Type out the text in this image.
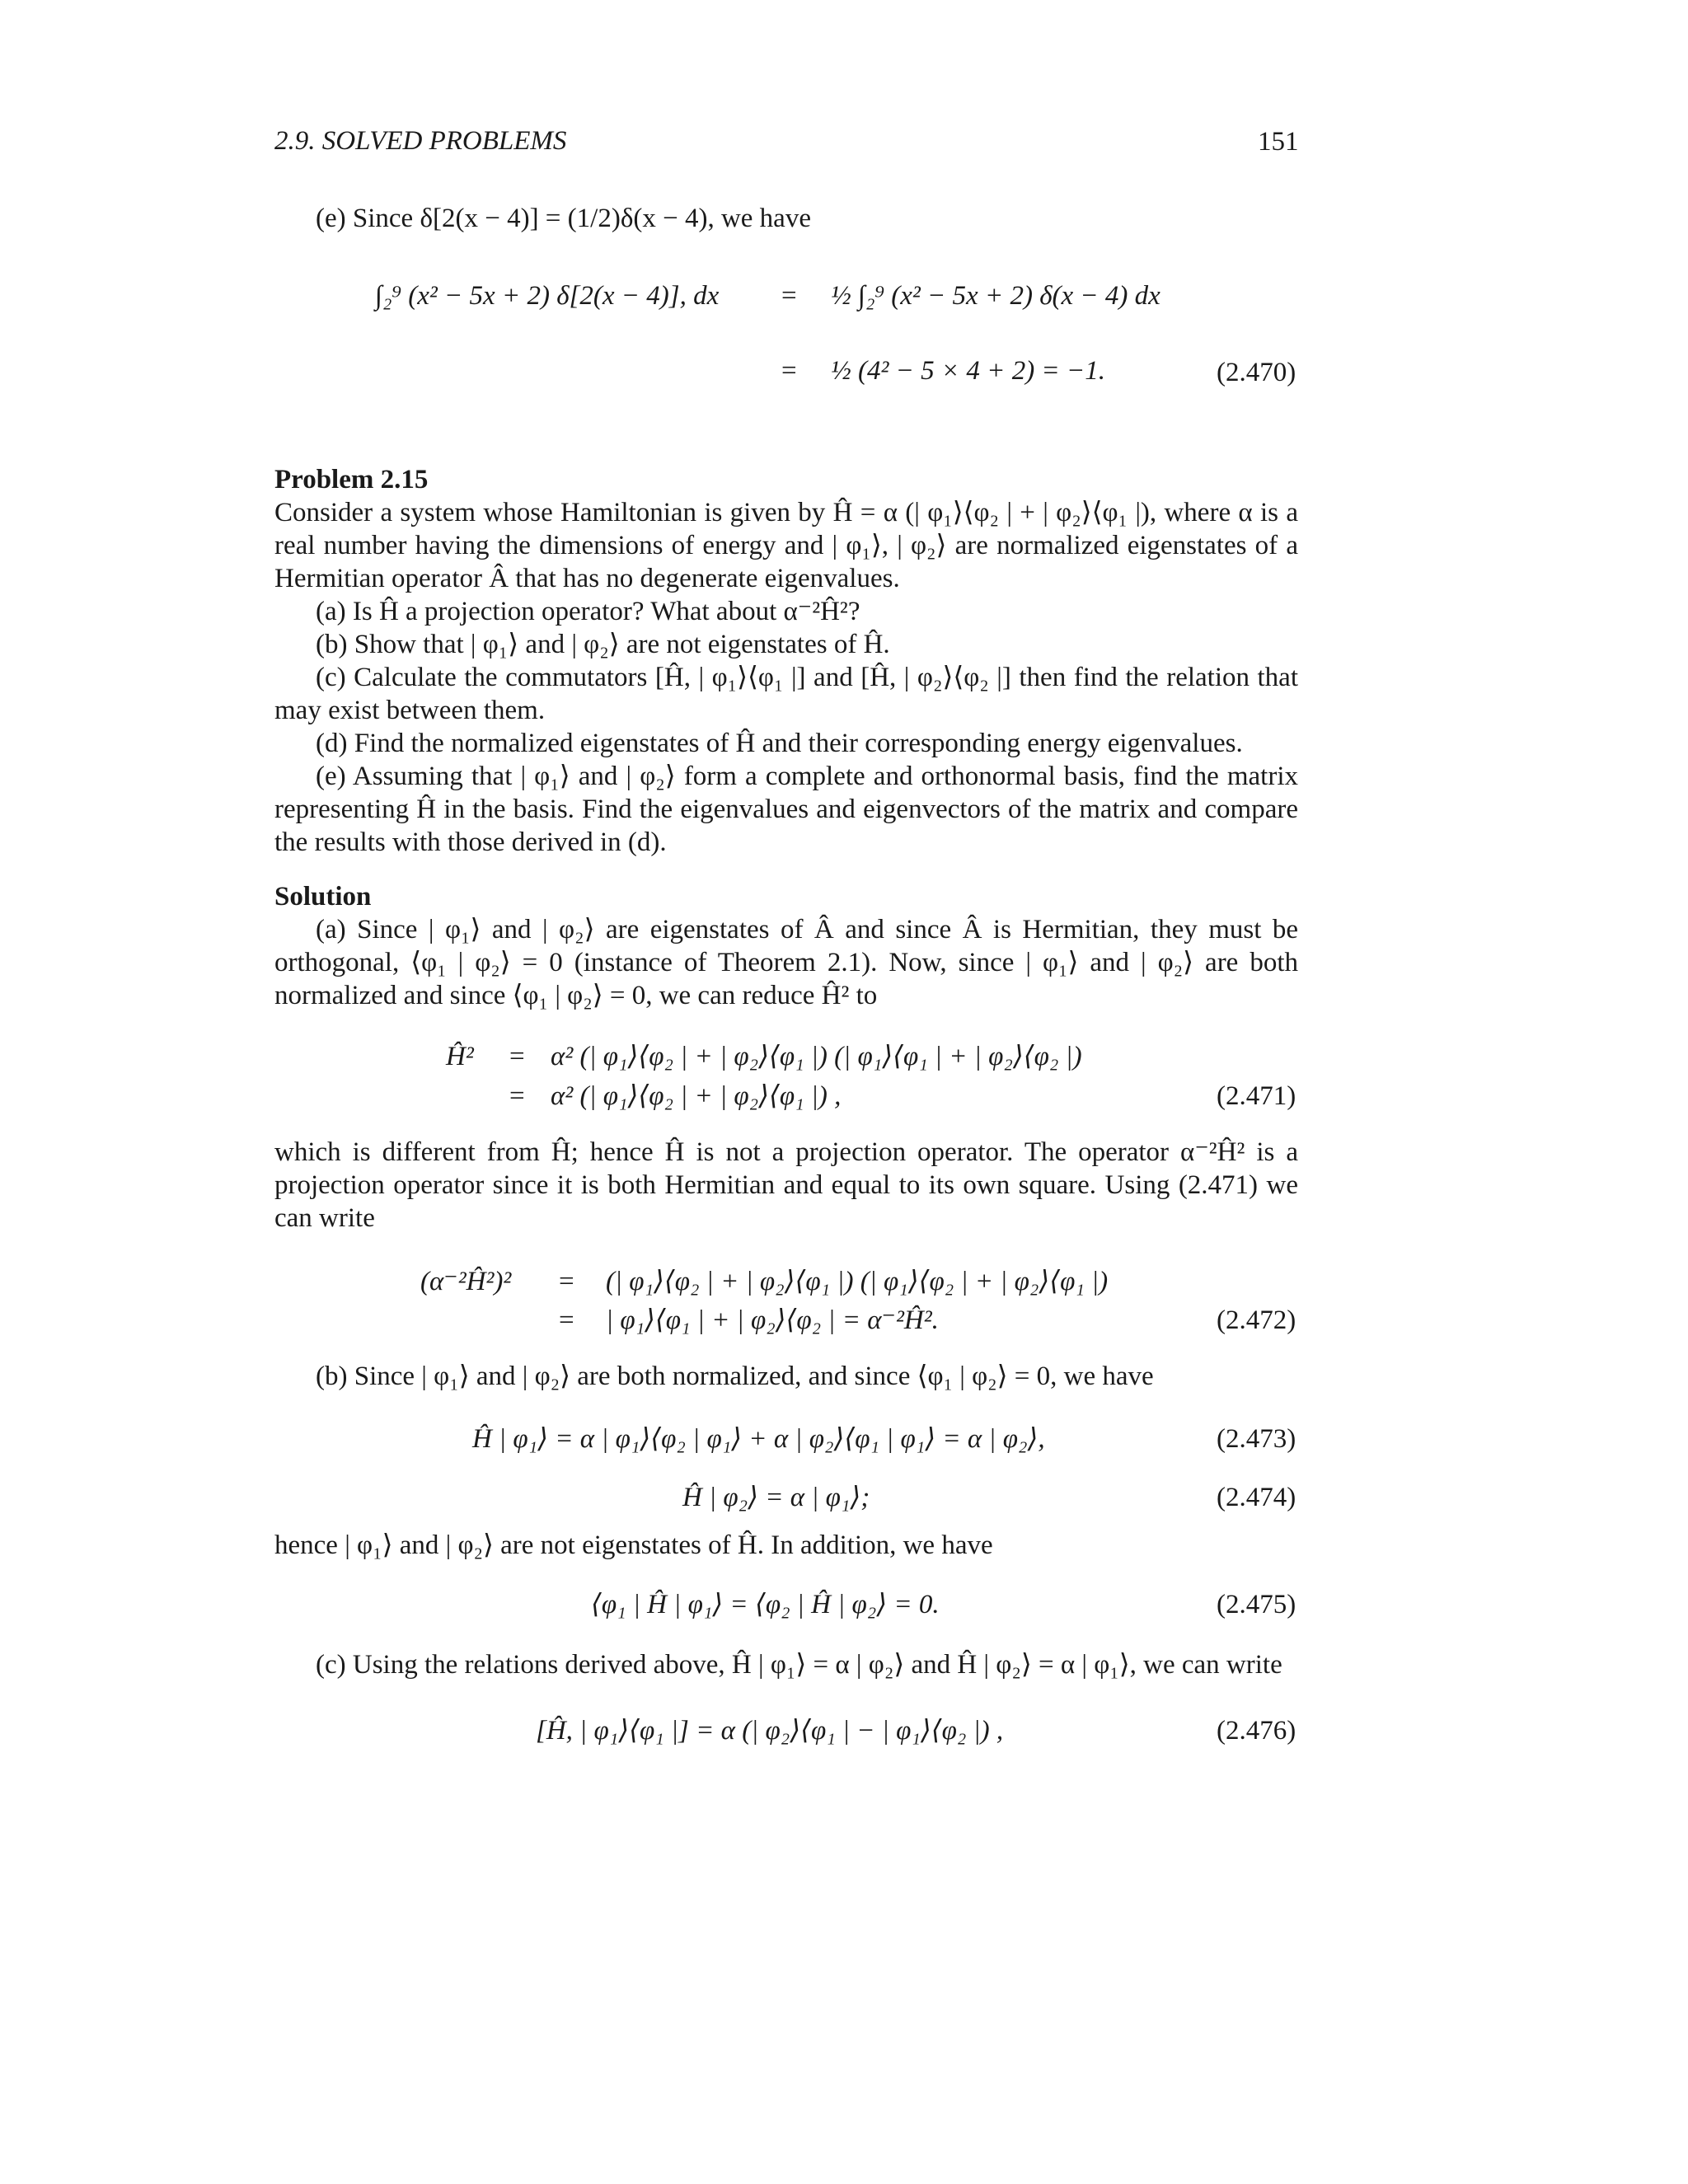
2.9. SOLVED PROBLEMS	151
(e) Since δ[2(x − 4)] = (1/2)δ(x − 4), we have
∫₂⁹ (x² − 5x + 2) δ[2(x − 4)], dx = ½ ∫₂⁹ (x² − 5x + 2) δ(x − 4) dx
= ½ (4² − 5 × 4 + 2) = −1.	(2.470)
Problem 2.15

Consider a system whose Hamiltonian is given by Ĥ = α (| φ₁⟩⟨φ₂ | + | φ₂⟩⟨φ₁ |), where α is a real number having the dimensions of energy and | φ₁⟩, | φ₂⟩ are normalized eigenstates of a Hermitian operator Â that has no degenerate eigenvalues.

(a) Is Ĥ a projection operator? What about α⁻²Ĥ²?

(b) Show that | φ₁⟩ and | φ₂⟩ are not eigenstates of Ĥ.

(c) Calculate the commutators [Ĥ, | φ₁⟩⟨φ₁ |] and [Ĥ, | φ₂⟩⟨φ₂ |] then find the relation that may exist between them.

(d) Find the normalized eigenstates of Ĥ and their corresponding energy eigenvalues.

(e) Assuming that | φ₁⟩ and | φ₂⟩ form a complete and orthonormal basis, find the matrix representing Ĥ in the basis. Find the eigenvalues and eigenvectors of the matrix and compare the results with those derived in (d).

Solution

(a) Since | φ₁⟩ and | φ₂⟩ are eigenstates of Â and since Â is Hermitian, they must be orthogonal, ⟨φ₁ | φ₂⟩ = 0 (instance of Theorem 2.1). Now, since | φ₁⟩ and | φ₂⟩ are both normalized and since ⟨φ₁ | φ₂⟩ = 0, we can reduce Ĥ² to

Ĥ² = α² (| φ₁⟩⟨φ₂ | + | φ₂⟩⟨φ₁ |) (| φ₁⟩⟨φ₁ | + | φ₂⟩⟨φ₂ |)
= α² (| φ₁⟩⟨φ₂ | + | φ₂⟩⟨φ₁ |) ,	(2.471)

which is different from Ĥ; hence Ĥ is not a projection operator. The operator α⁻²Ĥ² is a projection operator since it is both Hermitian and equal to its own square. Using (2.471) we can write

(α⁻²Ĥ²)² = (| φ₁⟩⟨φ₂ | + | φ₂⟩⟨φ₁ |) (| φ₁⟩⟨φ₂ | + | φ₂⟩⟨φ₁ |)
= | φ₁⟩⟨φ₁ | + | φ₂⟩⟨φ₂ | = α⁻²Ĥ².	(2.472)
(b) Since | φ₁⟩ and | φ₂⟩ are both normalized, and since ⟨φ₁ | φ₂⟩ = 0, we have
Ĥ | φ₁⟩ = α | φ₁⟩⟨φ₂ | φ₁⟩ + α | φ₂⟩⟨φ₁ | φ₁⟩ = α | φ₂⟩,	(2.473)
Ĥ | φ₂⟩ = α | φ₁⟩;	(2.474)
hence | φ₁⟩ and | φ₂⟩ are not eigenstates of Ĥ. In addition, we have
⟨φ₁ | Ĥ | φ₁⟩ = ⟨φ₂ | Ĥ | φ₂⟩ = 0.	(2.475)

(c) Using the relations derived above, Ĥ | φ₁⟩ = α | φ₂⟩ and Ĥ | φ₂⟩ = α | φ₁⟩, we can write

[Ĥ, | φ₁⟩⟨φ₁ |] = α (| φ₂⟩⟨φ₁ | − | φ₁⟩⟨φ₂ |) ,	(2.476)
